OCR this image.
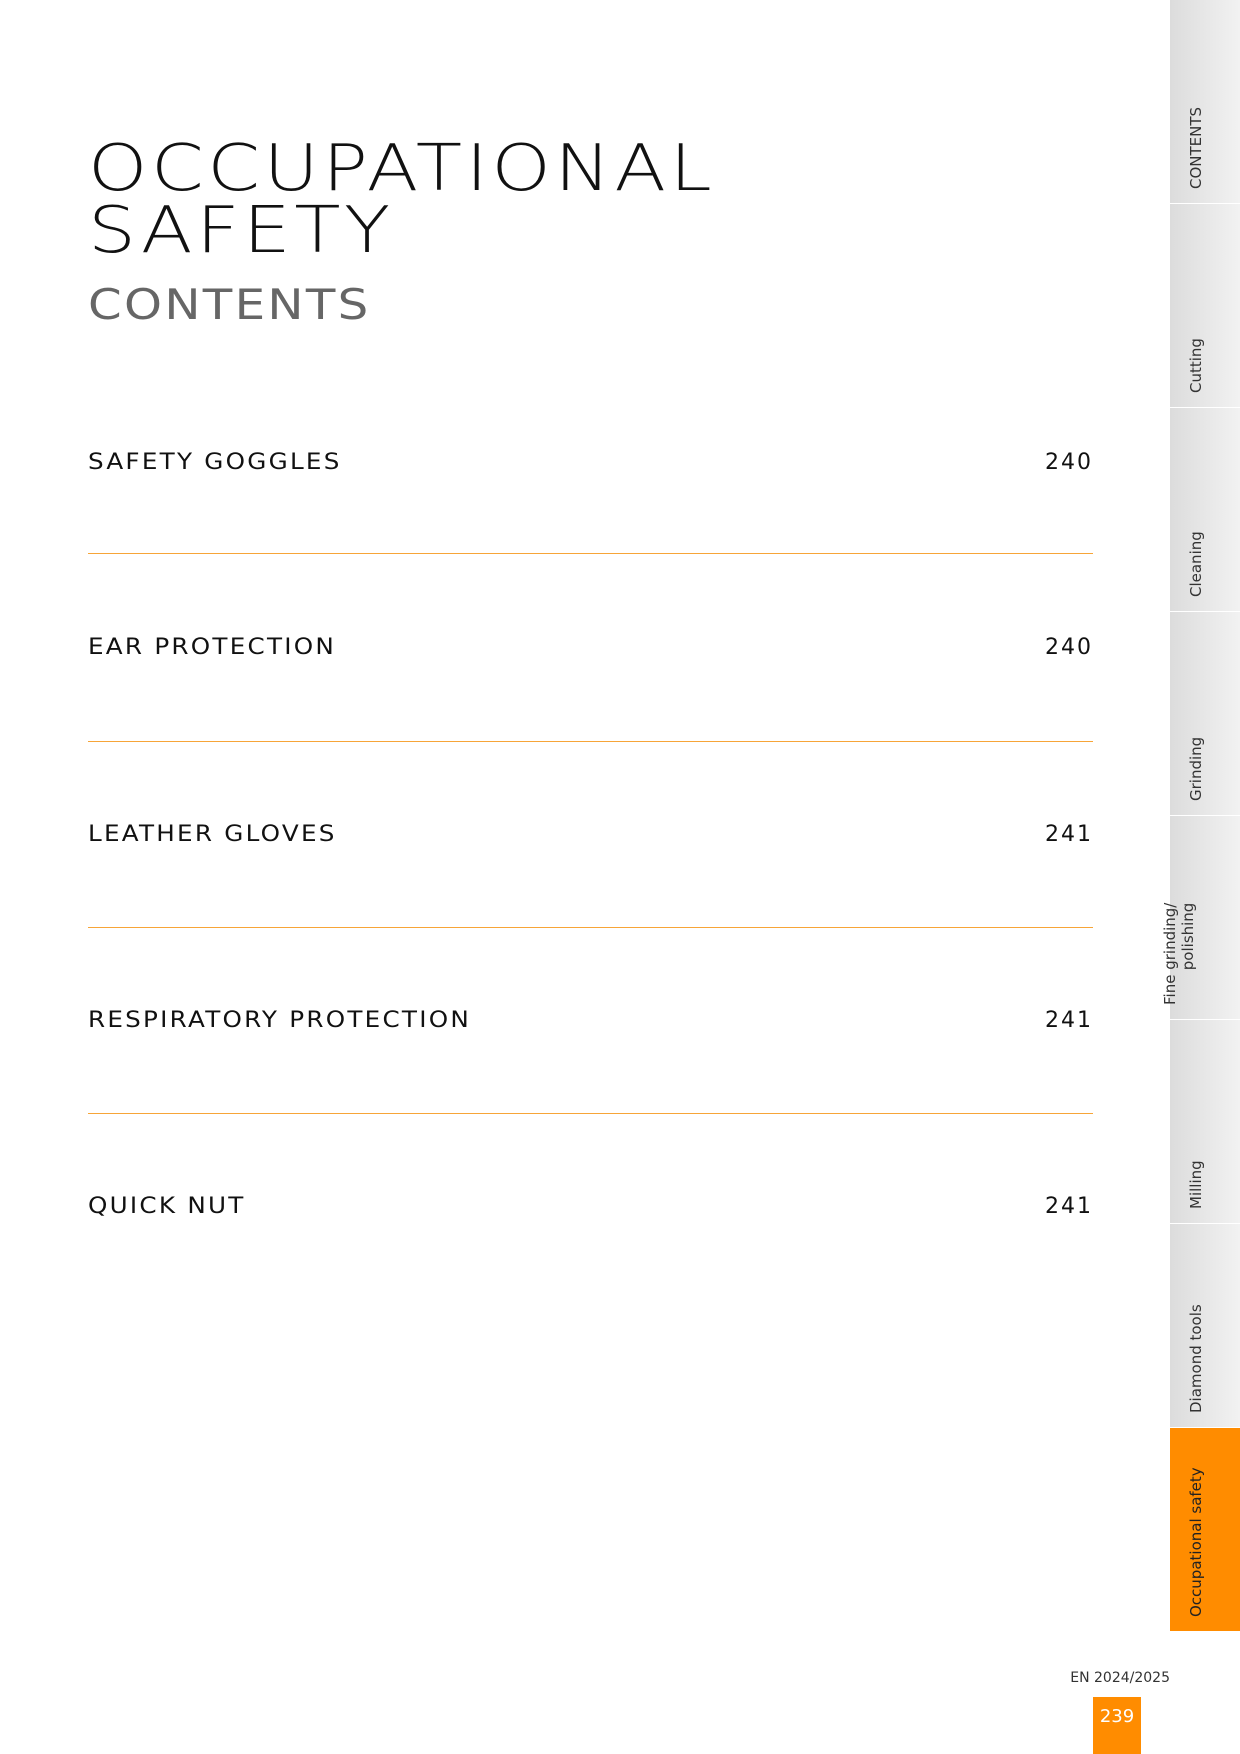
OCCUPATIONAL
SAFETY
CONTENTS
SAFETY GOGGLES	240
EAR PROTECTION	240
LEATHER GLOVES	241
RESPIRATORY PROTECTION	241
QUICK NUT	241
CONTENTS
Cutting
Cleaning
Grinding
Fine grinding/
polishing
Milling
Diamond tools
Occupational safety
EN 2024/2025
239
